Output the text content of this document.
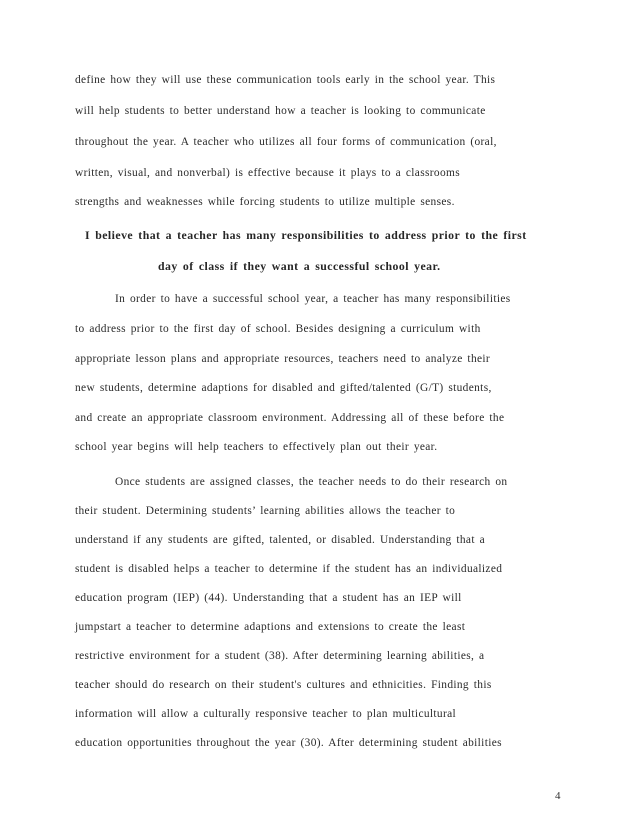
define how they will use these communication tools early in the school year. This
will help students to better understand how a teacher is looking to communicate
throughout the year. A teacher who utilizes all four forms of communication (oral,
written, visual, and nonverbal) is effective because it plays to a classrooms
strengths and weaknesses while forcing students to utilize multiple senses.
I believe that a teacher has many responsibilities to address prior to the first
day of class if they want a successful school year.
In order to have a successful school year, a teacher has many responsibilities
to address prior to the first day of school. Besides designing a curriculum with
appropriate lesson plans and appropriate resources, teachers need to analyze their
new students, determine adaptions for disabled and gifted/talented (G/T) students,
and create an appropriate classroom environment. Addressing all of these before the
school year begins will help teachers to effectively plan out their year.
Once students are assigned classes, the teacher needs to do their research on
their student. Determining students’ learning abilities allows the teacher to
understand if any students are gifted, talented, or disabled. Understanding that a
student is disabled helps a teacher to determine if the student has an individualized
education program (IEP) (44). Understanding that a student has an IEP will
jumpstart a teacher to determine adaptions and extensions to create the least
restrictive environment for a student (38). After determining learning abilities, a
teacher should do research on their student's cultures and ethnicities. Finding this
information will allow a culturally responsive teacher to plan multicultural
education opportunities throughout the year (30). After determining student abilities
4
